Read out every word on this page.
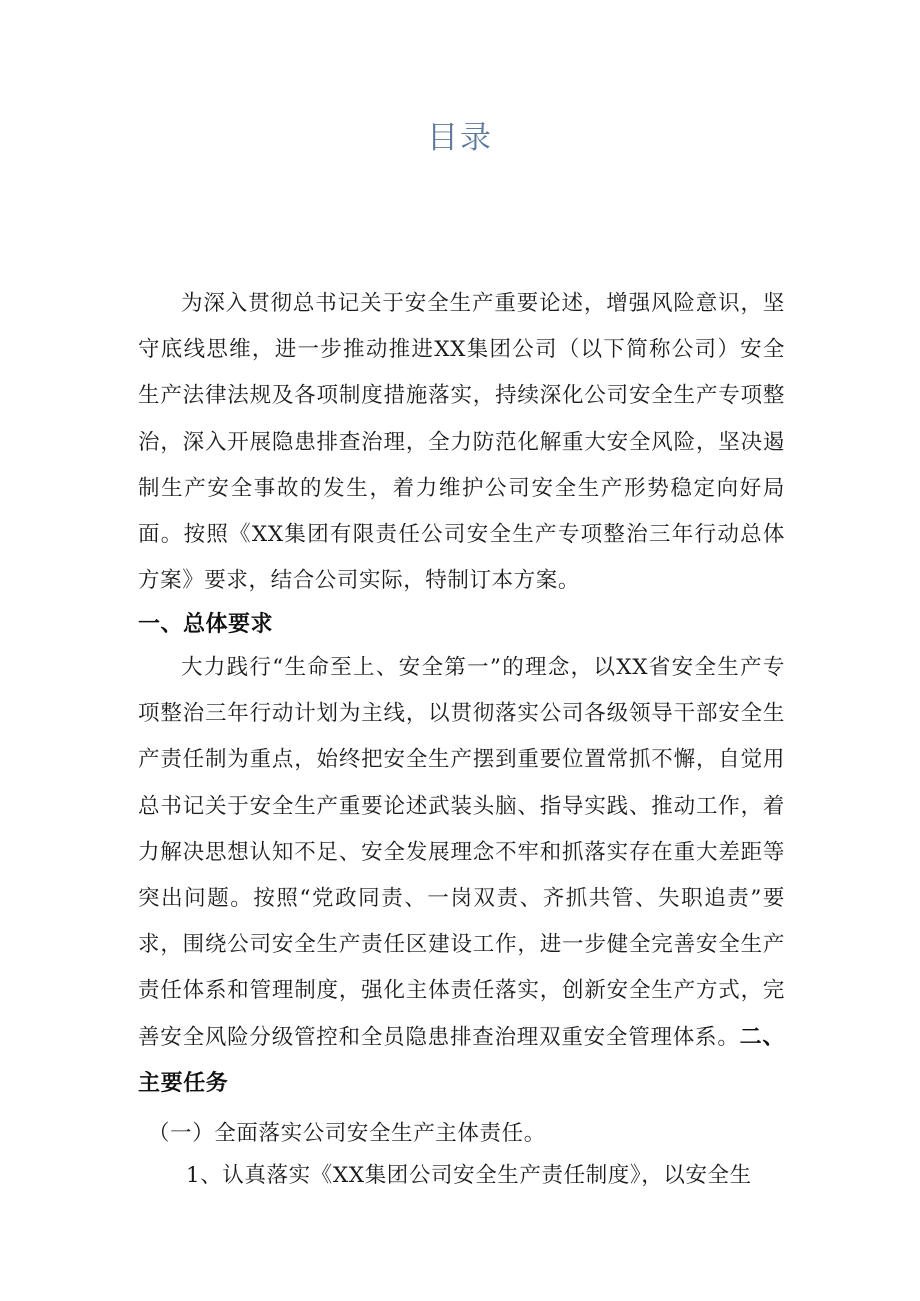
目录
为深入贯彻总书记关于安全生产重要论述，增强风险意识，坚守底线思维，进一步推动推进XX集团公司（以下简称公司）安全生产法律法规及各项制度措施落实，持续深化公司安全生产专项整治，深入开展隐患排查治理，全力防范化解重大安全风险，坚决遏制生产安全事故的发生，着力维护公司安全生产形势稳定向好局面。按照《XX集团有限责任公司安全生产专项整治三年行动总体方案》要求，结合公司实际，特制订本方案。
一、总体要求
大力践行“生命至上、安全第一”的理念，以XX省安全生产专项整治三年行动计划为主线，以贯彻落实公司各级领导干部安全生产责任制为重点，始终把安全生产摆到重要位置常抓不懈，自觉用总书记关于安全生产重要论述武装头脑、指导实践、推动工作，着力解决思想认知不足、安全发展理念不牢和抓落实存在重大差距等突出问题。按照“党政同责、一岗双责、齐抓共管、失职追责”要求，围绕公司安全生产责任区建设工作，进一步健全完善安全生产责任体系和管理制度，强化主体责任落实，创新安全生产方式，完善安全风险分级管控和全员隐患排查治理双重安全管理体系。二、主要任务
（一）全面落实公司安全生产主体责任。
1、认真落实《XX集团公司安全生产责任制度》，以安全生
